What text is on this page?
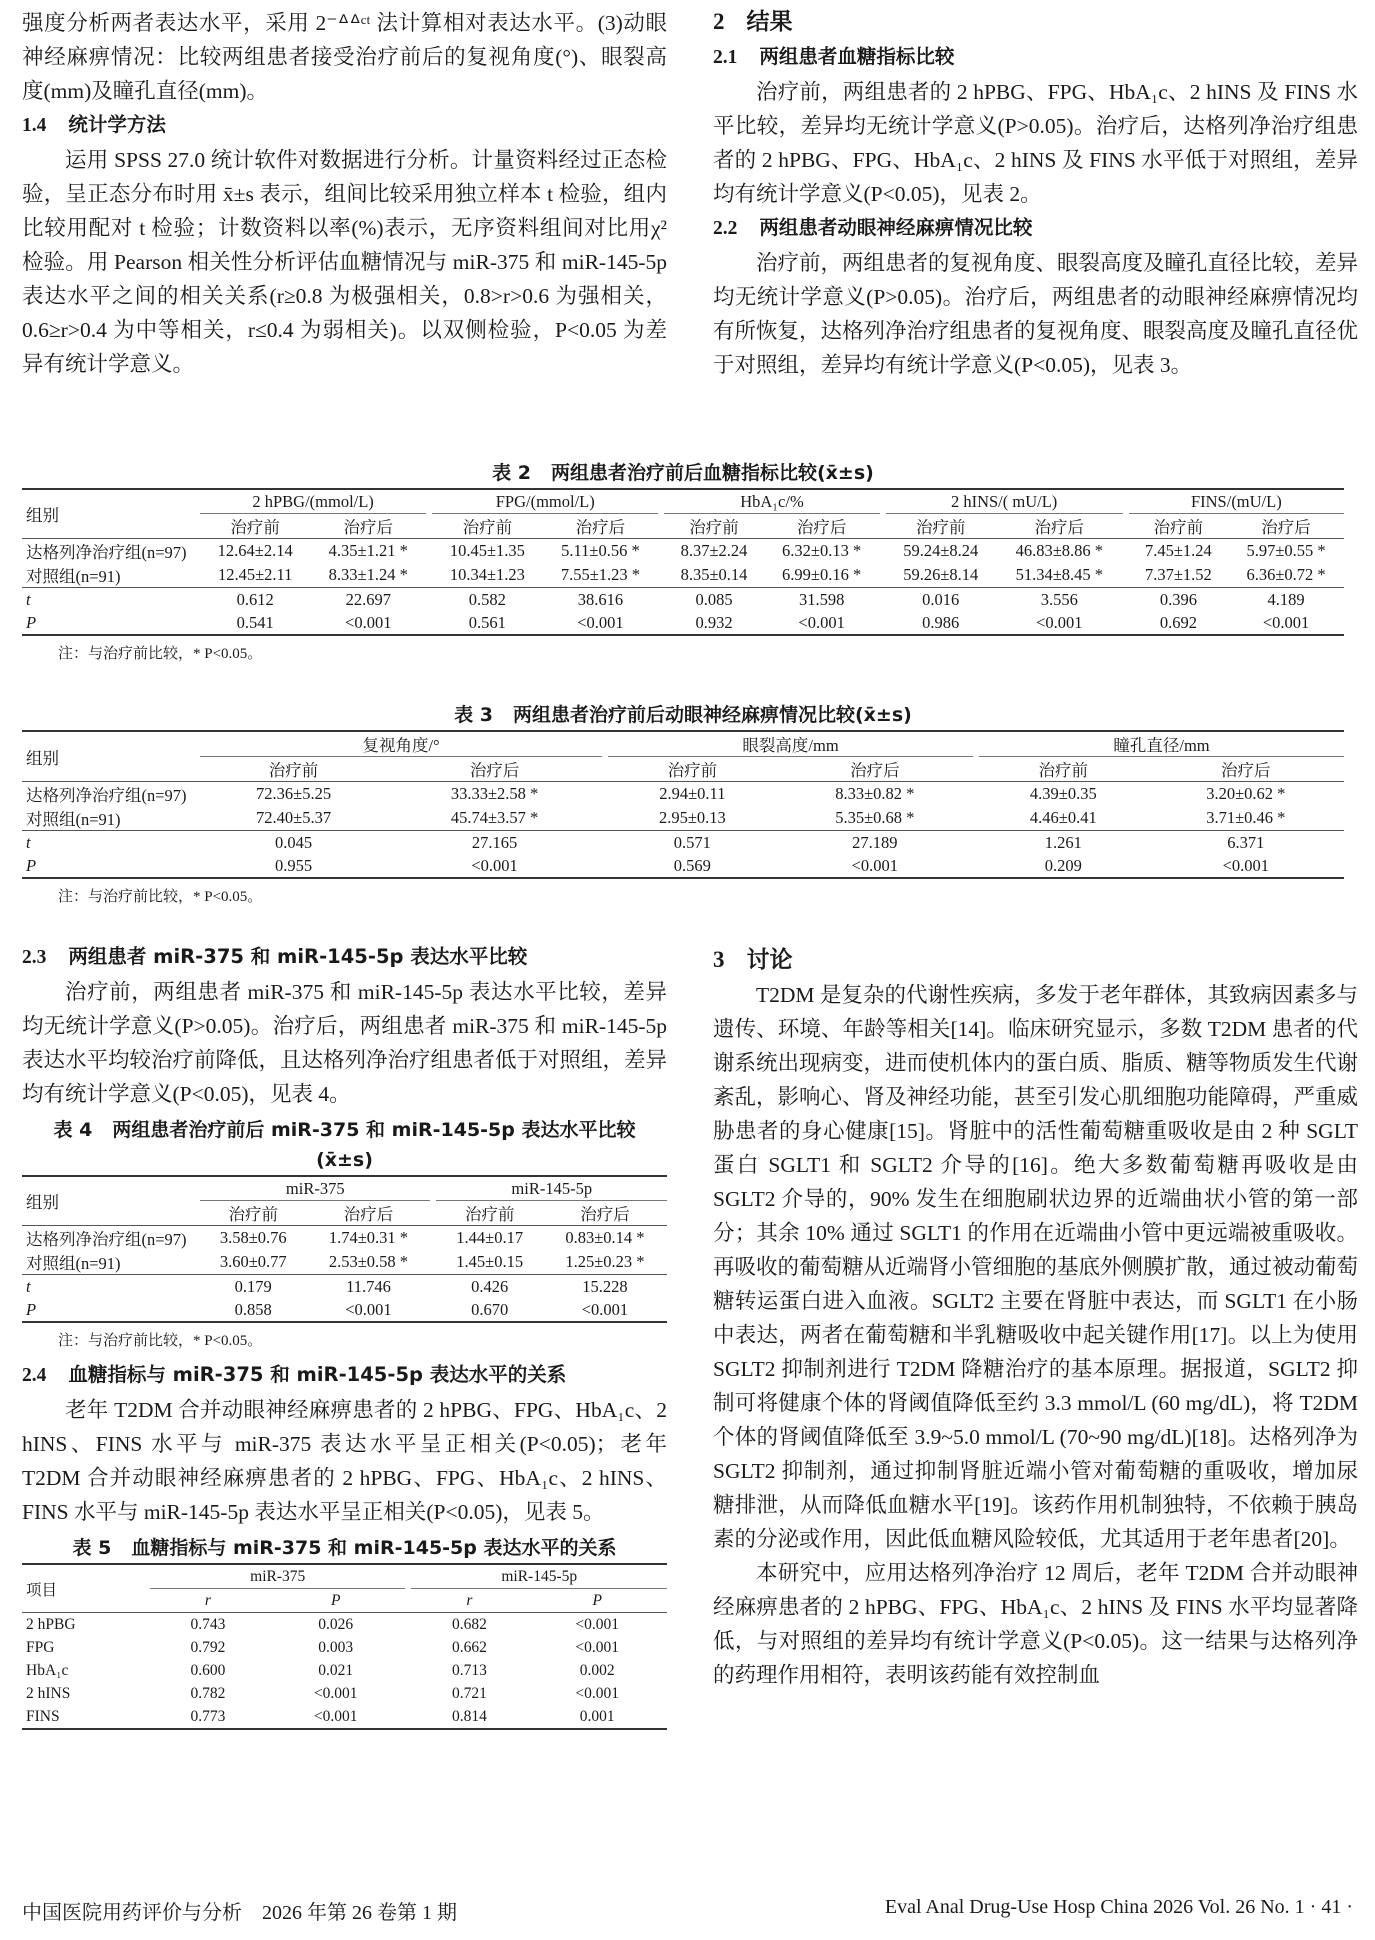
强度分析两者表达水平，采用 2⁻ᐞᐞᶜᵗ 法计算相对表达水平。(3)动眼神经麻痹情况：比较两组患者接受治疗前后的复视角度(°)、眼裂高度(mm)及瞳孔直径(mm)。

1.4 统计学方法

运用 SPSS 27.0 统计软件对数据进行分析。计量资料经过正态检验，呈正态分布时用 x̄±s 表示，组间比较采用独立样本 t 检验，组内比较用配对 t 检验；计数资料以率(%)表示，无序资料组间对比用χ² 检验。用 Pearson 相关性分析评估血糖情况与 miR-375 和 miR-145-5p 表达水平之间的相关关系(r≥0.8 为极强相关，0.8>r>0.6 为强相关，0.6≥r>0.4 为中等相关，r≤0.4 为弱相关)。以双侧检验，P<0.05 为差异有统计学意义。

2 结果

2.1 两组患者血糖指标比较

治疗前，两组患者的 2 hPBG、FPG、HbA₁c、2 hINS 及 FINS 水平比较，差异均无统计学意义(P>0.05)。治疗后，达格列净治疗组患者的 2 hPBG、FPG、HbA₁c、2 hINS 及 FINS 水平低于对照组，差异均有统计学意义(P<0.05)，见表 2。

2.2 两组患者动眼神经麻痹情况比较

治疗前，两组患者的复视角度、眼裂高度及瞳孔直径比较，差异均无统计学意义(P>0.05)。治疗后，两组患者的动眼神经麻痹情况均有所恢复，达格列净治疗组患者的复视角度、眼裂高度及瞳孔直径优于对照组，差异均有统计学意义(P<0.05)，见表 3。

表 2 两组患者治疗前后血糖指标比较(x̄±s)

组别	2 hPBG/(mmol/L)			FPG/(mmol/L)			HbA₁c/%			2 hINS/( mU/L)			FINS/(mU/L)	
	治疗前	治疗后		治疗前	治疗后		治疗前	治疗后		治疗前	治疗后		治疗前	治疗后
达格列净治疗组(n=97)	12.64±2.14	4.35±1.21 *		10.45±1.35	5.11±0.56 *		8.37±2.24	6.32±0.13 *		59.24±8.24	46.83±8.86 *		7.45±1.24	5.97±0.55 *
对照组(n=91)	12.45±2.11	8.33±1.24 *		10.34±1.23	7.55±1.23 *		8.35±0.14	6.99±0.16 *		59.26±8.14	51.34±8.45 *		7.37±1.52	6.36±0.72 *
t	0.612	22.697		0.582	38.616		0.085	31.598		0.016	3.556		0.396	4.189
P	0.541	<0.001		0.561	<0.001		0.932	<0.001		0.986	<0.001		0.692	<0.001

注：与治疗前比较，* P<0.05。

表 3 两组患者治疗前后动眼神经麻痹情况比较(x̄±s)

组别	复视角度/°			眼裂高度/mm			瞳孔直径/mm	
	治疗前	治疗后		治疗前	治疗后		治疗前	治疗后
达格列净治疗组(n=97)	72.36±5.25	33.33±2.58 *		2.94±0.11	8.33±0.82 *		4.39±0.35	3.20±0.62 *
对照组(n=91)	72.40±5.37	45.74±3.57 *		2.95±0.13	5.35±0.68 *		4.46±0.41	3.71±0.46 *
t	0.045	27.165		0.571	27.189		1.261	6.371
P	0.955	<0.001		0.569	<0.001		0.209	<0.001

注：与治疗前比较，* P<0.05。

2.3 两组患者 miR-375 和 miR-145-5p 表达水平比较

治疗前，两组患者 miR-375 和 miR-145-5p 表达水平比较，差异均无统计学意义(P>0.05)。治疗后，两组患者 miR-375 和 miR-145-5p 表达水平均较治疗前降低，且达格列净治疗组患者低于对照组，差异均有统计学意义(P<0.05)，见表 4。

表 4 两组患者治疗前后 miR-375 和 miR-145-5p 表达水平比较(x̄±s)

组别	miR-375			miR-145-5p	
	治疗前	治疗后		治疗前	治疗后
达格列净治疗组(n=97)	3.58±0.76	1.74±0.31 *		1.44±0.17	0.83±0.14 *
对照组(n=91)	3.60±0.77	2.53±0.58 *		1.45±0.15	1.25±0.23 *
t	0.179	11.746		0.426	15.228
P	0.858	<0.001		0.670	<0.001

注：与治疗前比较，* P<0.05。

2.4 血糖指标与 miR-375 和 miR-145-5p 表达水平的关系

老年 T2DM 合并动眼神经麻痹患者的 2 hPBG、FPG、HbA₁c、2 hINS、FINS 水平与 miR-375 表达水平呈正相关(P<0.05)；老年 T2DM 合并动眼神经麻痹患者的 2 hPBG、FPG、HbA₁c、2 hINS、FINS 水平与 miR-145-5p 表达水平呈正相关(P<0.05)，见表 5。

表 5 血糖指标与 miR-375 和 miR-145-5p 表达水平的关系

项目	miR-375			miR-145-5p	
	r	P		r	P
2 hPBG	0.743	0.026		0.682	<0.001
FPG	0.792	0.003		0.662	<0.001
HbA₁c	0.600	0.021		0.713	0.002
2 hINS	0.782	<0.001		0.721	<0.001
FINS	0.773	<0.001		0.814	0.001

3 讨论

T2DM 是复杂的代谢性疾病，多发于老年群体，其致病因素多与遗传、环境、年龄等相关[14]。临床研究显示，多数 T2DM 患者的代谢系统出现病变，进而使机体内的蛋白质、脂质、糖等物质发生代谢紊乱，影响心、肾及神经功能，甚至引发心肌细胞功能障碍，严重威胁患者的身心健康[15]。肾脏中的活性葡萄糖重吸收是由 2 种 SGLT 蛋白 SGLT1 和 SGLT2 介导的[16]。绝大多数葡萄糖再吸收是由 SGLT2 介导的，90% 发生在细胞刷状边界的近端曲状小管的第一部分；其余 10% 通过 SGLT1 的作用在近端曲小管中更远端被重吸收。再吸收的葡萄糖从近端肾小管细胞的基底外侧膜扩散，通过被动葡萄糖转运蛋白进入血液。SGLT2 主要在肾脏中表达，而 SGLT1 在小肠中表达，两者在葡萄糖和半乳糖吸收中起关键作用[17]。以上为使用 SGLT2 抑制剂进行 T2DM 降糖治疗的基本原理。据报道，SGLT2 抑制可将健康个体的肾阈值降低至约 3.3 mmol/L (60 mg/dL)，将 T2DM 个体的肾阈值降低至 3.9~5.0 mmol/L (70~90 mg/dL)[18]。达格列净为 SGLT2 抑制剂，通过抑制肾脏近端小管对葡萄糖的重吸收，增加尿糖排泄，从而降低血糖水平[19]。该药作用机制独特，不依赖于胰岛素的分泌或作用，因此低血糖风险较低，尤其适用于老年患者[20]。

本研究中，应用达格列净治疗 12 周后，老年 T2DM 合并动眼神经麻痹患者的 2 hPBG、FPG、HbA₁c、2 hINS 及 FINS 水平均显著降低，与对照组的差异均有统计学意义(P<0.05)。这一结果与达格列净的药理作用相符，表明该药能有效控制血

中国医院用药评价与分析　2026 年第 26 卷第 1 期	Eval Anal Drug-Use Hosp China 2026 Vol. 26 No. 1 · 41 ·
